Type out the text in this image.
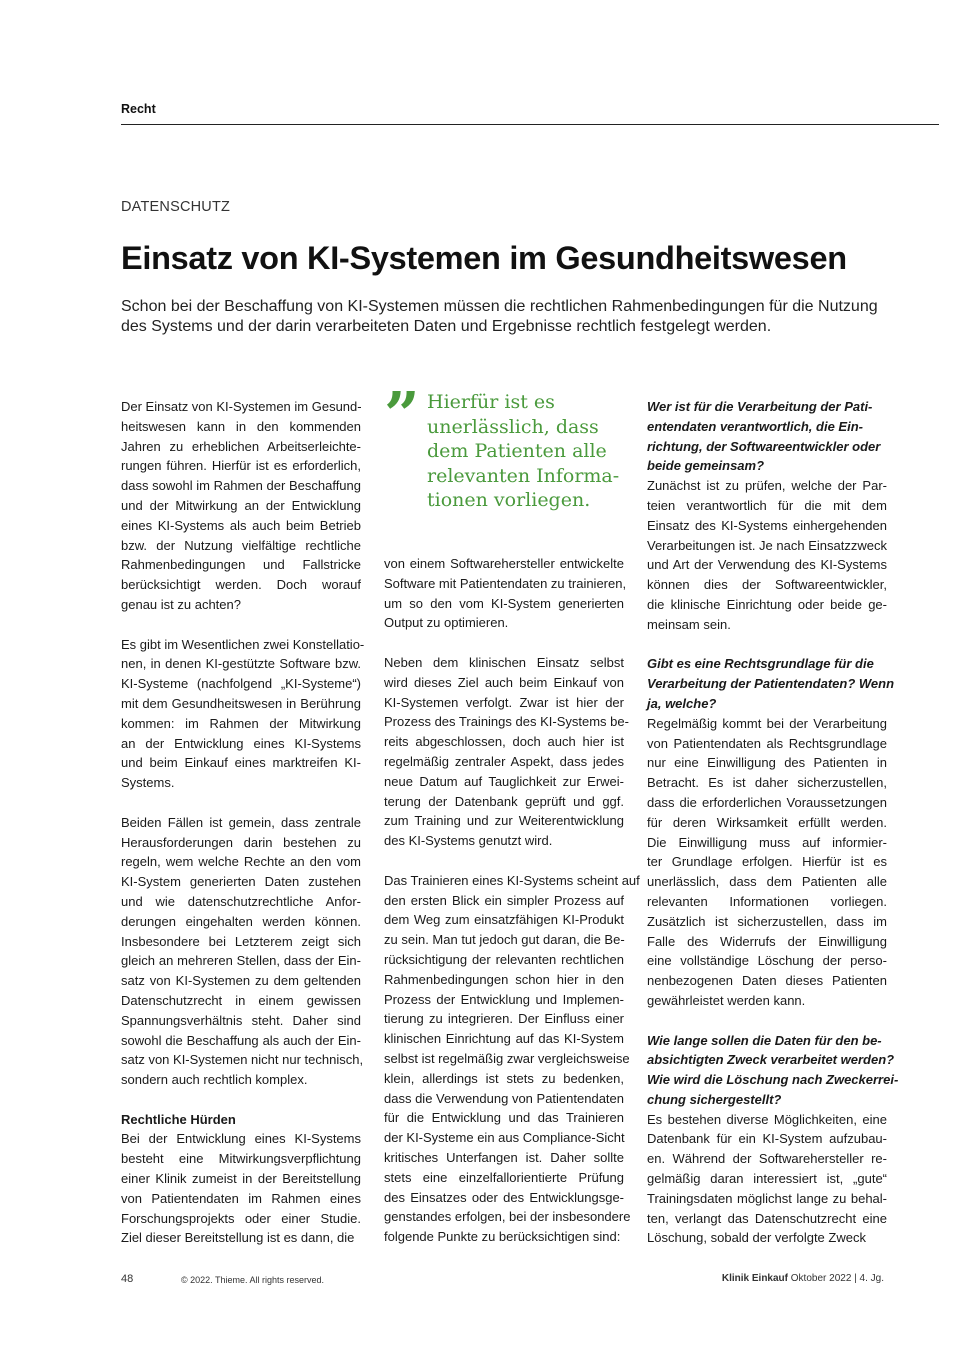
Recht
DATENSCHUTZ
Einsatz von KI-Systemen im Gesundheitswesen
Schon bei der Beschaffung von KI-Systemen müssen die rechtlichen Rahmenbedingungen für die Nutzung
des Systems und der darin verarbeiteten Daten und Ergebnisse rechtlich festgelegt werden.
Der Einsatz von KI-Systemen im Gesund-
heitswesen kann in den kommenden
Jahren zu erheblichen Arbeitserleichte-
rungen führen. Hierfür ist es erforderlich,
dass sowohl im Rahmen der Beschaffung
und der Mitwirkung an der Entwicklung
eines KI-Systems als auch beim Betrieb
bzw. der Nutzung vielfältige rechtliche
Rahmenbedingungen und Fallstricke
berücksichtigt werden. Doch worauf
genau ist zu achten?
Es gibt im Wesentlichen zwei Konstellatio-
nen, in denen KI-gestützte Software bzw.
KI-Systeme (nachfolgend „KI-Systeme“)
mit dem Gesundheitswesen in Berührung
kommen: im Rahmen der Mitwirkung
an der Entwicklung eines KI-Systems
und beim Einkauf eines marktreifen KI-
Systems.
Beiden Fällen ist gemein, dass zentrale
Herausforderungen darin bestehen zu
regeln, wem welche Rechte an den vom
KI-System generierten Daten zustehen
und wie datenschutzrechtliche Anfor-
derungen eingehalten werden können.
Insbesondere bei Letzterem zeigt sich
gleich an mehreren Stellen, dass der Ein-
satz von KI-Systemen zu dem geltenden
Datenschutzrecht in einem gewissen
Spannungsverhältnis steht. Daher sind
sowohl die Beschaffung als auch der Ein-
satz von KI-Systemen nicht nur technisch,
sondern auch rechtlich komplex.
Rechtliche Hürden
Bei der Entwicklung eines KI-Systems
besteht eine Mitwirkungsverpflichtung
einer Klinik zumeist in der Bereitstellung
von Patientendaten im Rahmen eines
Forschungsprojekts oder einer Studie.
Ziel dieser Bereitstellung ist es dann, die
” Hierfür ist es
unerlässlich, dass
dem Patienten alle
relevanten Informa-
tionen vorliegen.
von einem Softwarehersteller entwickelte
Software mit Patientendaten zu trainieren,
um so den vom KI-System generierten
Output zu optimieren.
Neben dem klinischen Einsatz selbst
wird dieses Ziel auch beim Einkauf von
KI-Systemen verfolgt. Zwar ist hier der
Prozess des Trainings des KI-Systems be-
reits abgeschlossen, doch auch hier ist
regelmäßig zentraler Aspekt, dass jedes
neue Datum auf Tauglichkeit zur Erwei-
terung der Datenbank geprüft und ggf.
zum Training und zur Weiterentwicklung
des KI-Systems genutzt wird.
Das Trainieren eines KI-Systems scheint auf
den ersten Blick ein simpler Prozess auf
dem Weg zum einsatzfähigen KI-Produkt
zu sein. Man tut jedoch gut daran, die Be-
rücksichtigung der relevanten rechtlichen
Rahmenbedingungen schon hier in den
Prozess der Entwicklung und Implemen-
tierung zu integrieren. Der Einfluss einer
klinischen Einrichtung auf das KI-System
selbst ist regelmäßig zwar vergleichsweise
klein, allerdings ist stets zu bedenken,
dass die Verwendung von Patientendaten
für die Entwicklung und das Trainieren
der KI-Systeme ein aus Compliance-Sicht
kritisches Unterfangen ist. Daher sollte
stets eine einzelfallorientierte Prüfung
des Einsatzes oder des Entwicklungsge-
genstandes erfolgen, bei der insbesondere
folgende Punkte zu berücksichtigen sind:
Wer ist für die Verarbeitung der Pati-
entendaten verantwortlich, die Ein-
richtung, der Softwareentwickler oder
beide gemeinsam?
Zunächst ist zu prüfen, welche der Par-
teien verantwortlich für die mit dem
Einsatz des KI-Systems einhergehenden
Verarbeitungen ist. Je nach Einsatzzweck
und Art der Verwendung des KI-Systems
können dies der Softwareentwickler,
die klinische Einrichtung oder beide ge-
meinsam sein.
Gibt es eine Rechtsgrundlage für die
Verarbeitung der Patientendaten? Wenn
ja, welche?
Regelmäßig kommt bei der Verarbeitung
von Patientendaten als Rechtsgrundlage
nur eine Einwilligung des Patienten in
Betracht. Es ist daher sicherzustellen,
dass die erforderlichen Voraussetzungen
für deren Wirksamkeit erfüllt werden.
Die Einwilligung muss auf informier-
ter Grundlage erfolgen. Hierfür ist es
unerlässlich, dass dem Patienten alle
relevanten Informationen vorliegen.
Zusätzlich ist sicherzustellen, dass im
Falle des Widerrufs der Einwilligung
eine vollständige Löschung der perso-
nenbezogenen Daten dieses Patienten
gewährleistet werden kann.
Wie lange sollen die Daten für den be-
absichtigten Zweck verarbeitet werden?
Wie wird die Löschung nach Zweckerrei-
chung sichergestellt?
Es bestehen diverse Möglichkeiten, eine
Datenbank für ein KI-System aufzubau-
en. Während der Softwarehersteller re-
gelmäßig daran interessiert ist, „gute“
Trainingsdaten möglichst lange zu behal-
ten, verlangt das Datenschutzrecht eine
Löschung, sobald der verfolgte Zweck
48	© 2022. Thieme. All rights reserved.	Klinik Einkauf Oktober 2022 | 4. Jg.
